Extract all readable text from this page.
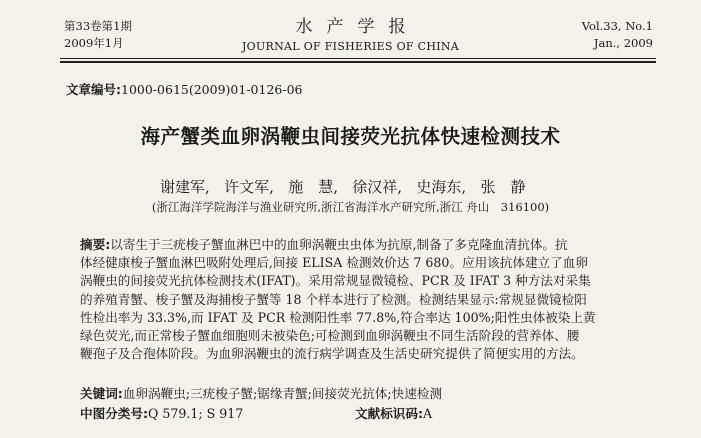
第33卷第1期
2009年1月
水产学报
JOURNAL OF FISHERIES OF CHINA
Vol.33, No.1
Jan., 2009
文章编号:1000-0615(2009)01-0126-06
海产蟹类血卵涡鞭虫间接荧光抗体快速检测技术
谢建军, 许文军, 施　慧, 徐汉祥, 史海东, 张　静
(浙江海洋学院海洋与渔业研究所,浙江省海洋水产研究所,浙江 舟山　316100)
摘要:以寄生于三疣梭子蟹血淋巴中的血卵涡鞭虫虫体为抗原,制备了多克隆血清抗体。抗
体经健康梭子蟹血淋巴吸附处理后,间接 ELISA 检测效价达 7 680。应用该抗体建立了血卵
涡鞭虫的间接荧光抗体检测技术(IFAT)。采用常规显微镜检、PCR 及 IFAT 3 种方法对采集
的养殖青蟹、梭子蟹及海捕梭子蟹等 18 个样本进行了检测。检测结果显示:常规显微镜检阳
性检出率为 33.3%,而 IFAT 及 PCR 检测阳性率 77.8%,符合率达 100%;阳性虫体被染上黄
绿色荧光,而正常梭子蟹血细胞则未被染色;可检测到血卵涡鞭虫不同生活阶段的营养体、腰
鞭孢子及合孢体阶段。为血卵涡鞭虫的流行病学调查及生活史研究提供了简便实用的方法。
关键词:血卵涡鞭虫;三疣梭子蟹;锯缘青蟹;间接荧光抗体;快速检测
中图分类号:Q 579.1; S 917	文献标识码:A
